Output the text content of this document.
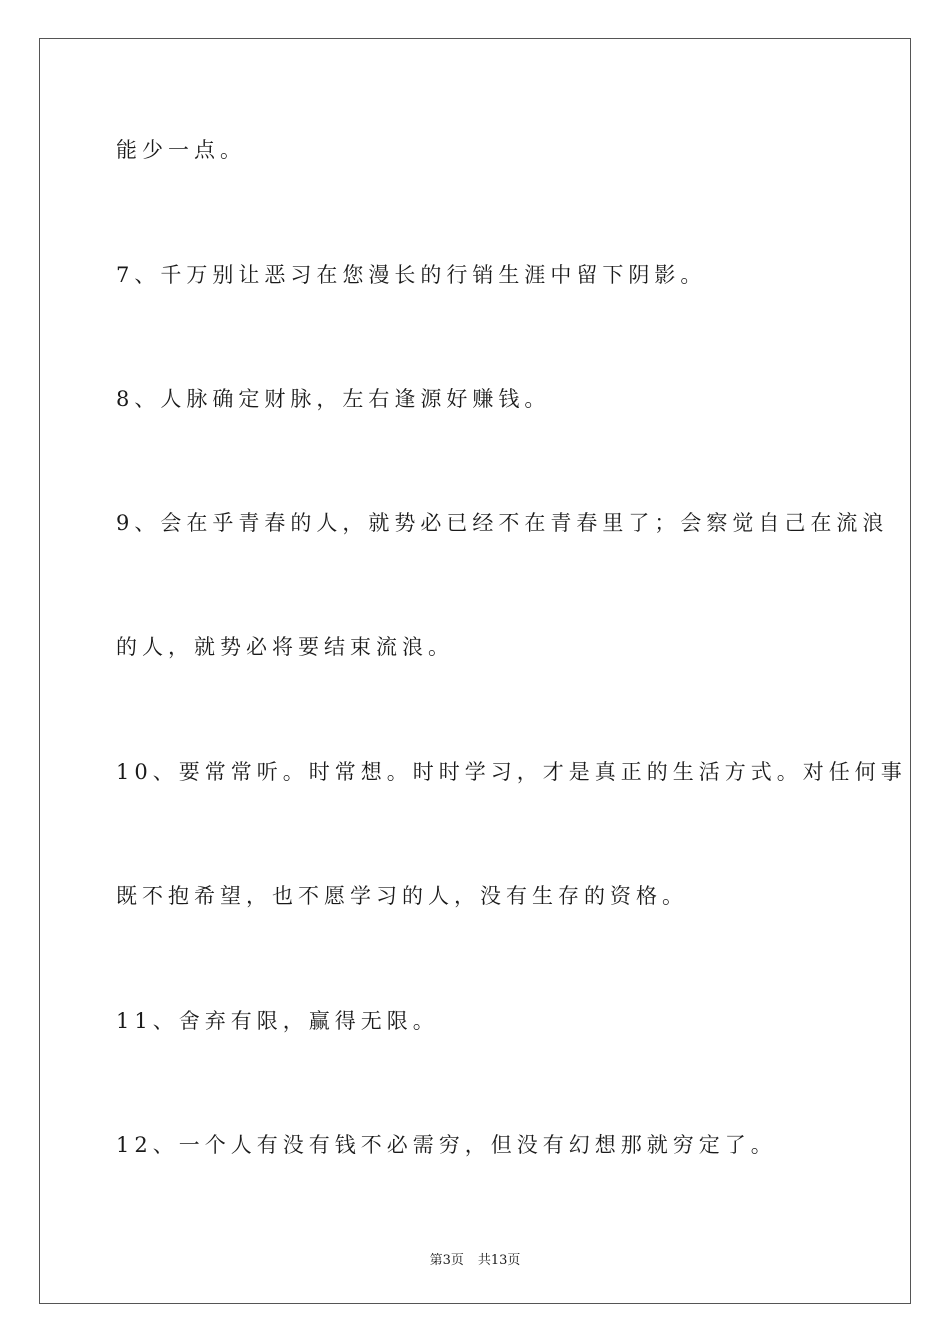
能少一点。
7、千万别让恶习在您漫长的行销生涯中留下阴影。
8、人脉确定财脉，左右逢源好赚钱。
9、会在乎青春的人，就势必已经不在青春里了；会察觉自己在流浪
的人，就势必将要结束流浪。
10、要常常听。时常想。时时学习，才是真正的生活方式。对任何事
既不抱希望，也不愿学习的人，没有生存的资格。
11、舍弃有限，赢得无限。
12、一个人有没有钱不必需穷，但没有幻想那就穷定了。
第3页 共13页
